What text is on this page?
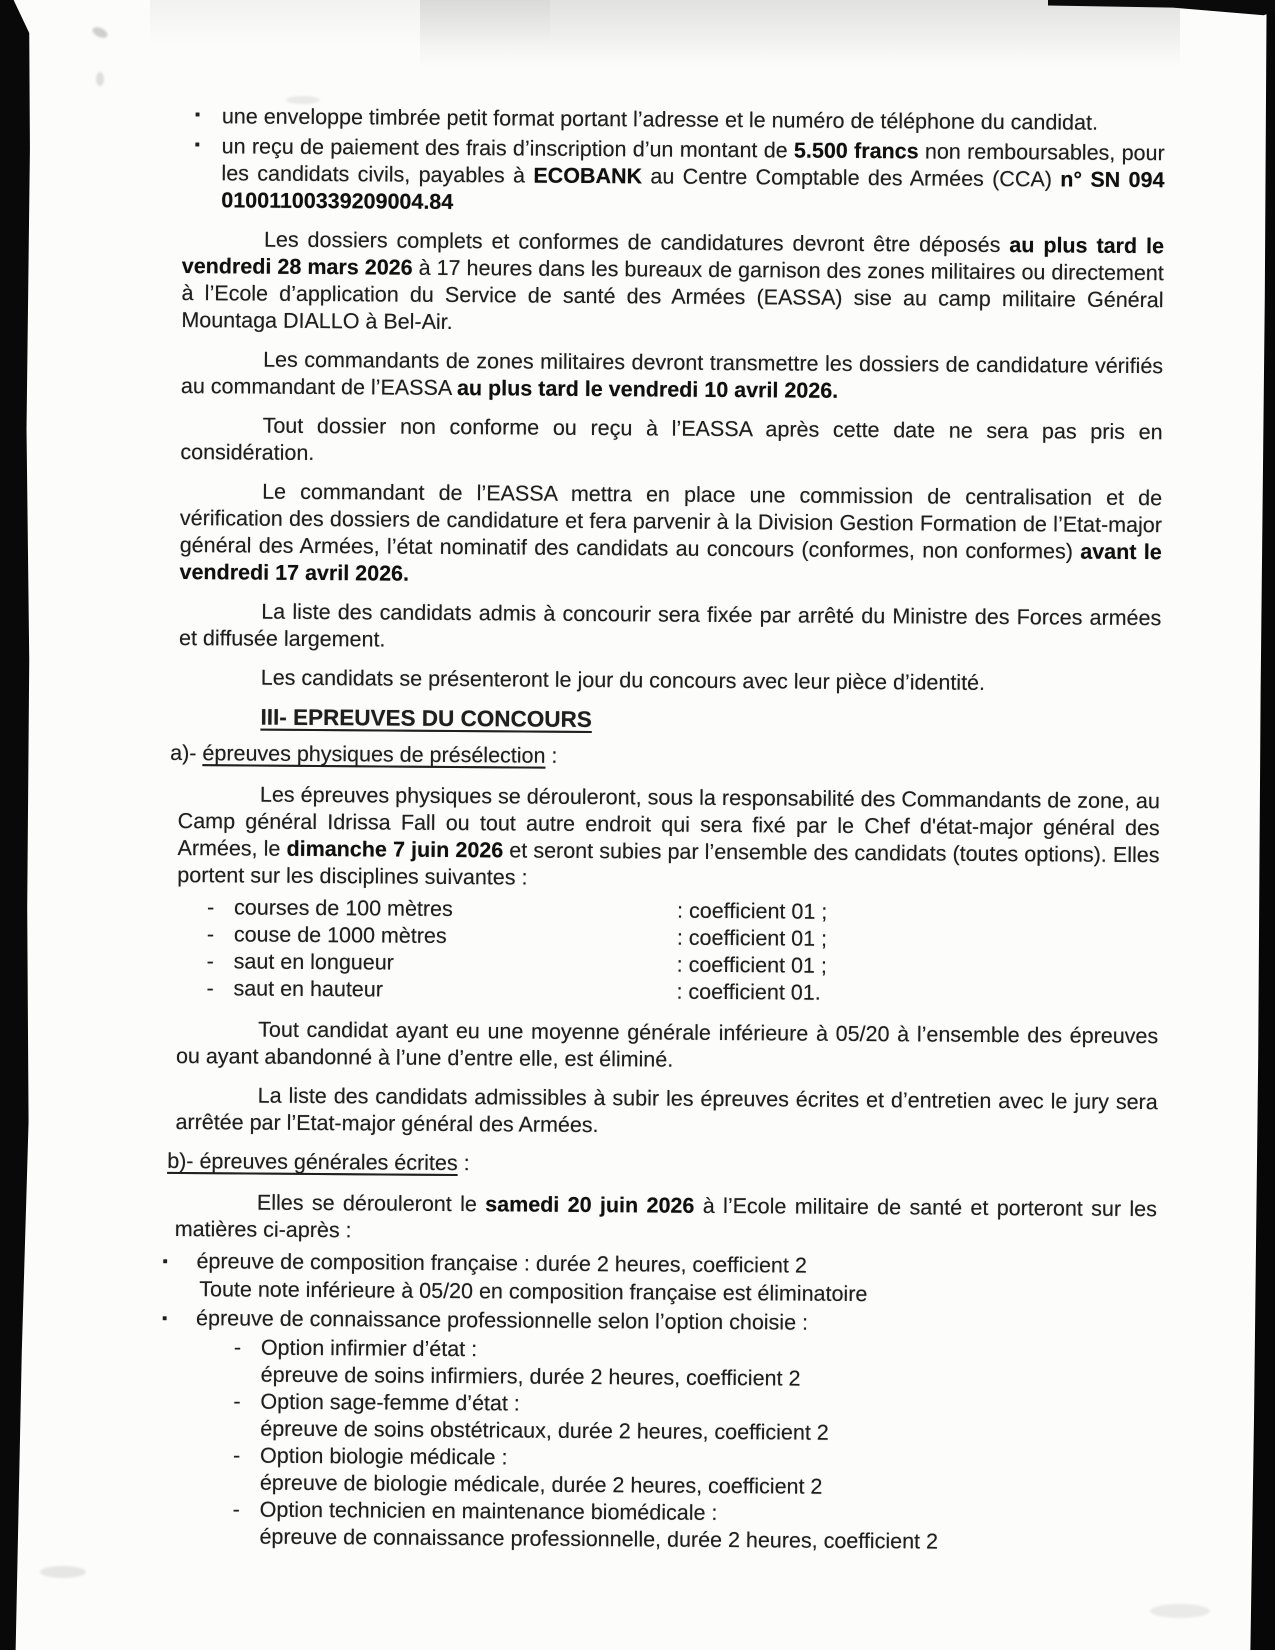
▪ une enveloppe timbrée petit format portant l’adresse et le numéro de téléphone du candidat.
▪ un reçu de paiement des frais d’inscription d’un montant de 5.500 francs non remboursables, pour les candidats civils, payables à ECOBANK au Centre Comptable des Armées (CCA) n° SN 094 01001100339209004.84

Les dossiers complets et conformes de candidatures devront être déposés au plus tard le vendredi 28 mars 2026 à 17 heures dans les bureaux de garnison des zones militaires ou directement à l’Ecole d’application du Service de santé des Armées (EASSA) sise au camp militaire Général Mountaga DIALLO à Bel-Air.

Les commandants de zones militaires devront transmettre les dossiers de candidature vérifiés au commandant de l’EASSA au plus tard le vendredi 10 avril 2026.

Tout dossier non conforme ou reçu à l’EASSA après cette date ne sera pas pris en considération.

Le commandant de l’EASSA mettra en place une commission de centralisation et de vérification des dossiers de candidature et fera parvenir à la Division Gestion Formation de l’Etat-major général des Armées, l’état nominatif des candidats au concours (conformes, non conformes) avant le vendredi 17 avril 2026.

La liste des candidats admis à concourir sera fixée par arrêté du Ministre des Forces armées et diffusée largement.

Les candidats se présenteront le jour du concours avec leur pièce d’identité.

III- EPREUVES DU CONCOURS

a)- épreuves physiques de présélection :

Les épreuves physiques se dérouleront, sous la responsabilité des Commandants de zone, au Camp général Idrissa Fall ou tout autre endroit qui sera fixé par le Chef d'état-major général des Armées, le dimanche 7 juin 2026 et seront subies par l’ensemble des candidats (toutes options). Elles portent sur les disciplines suivantes :

- courses de 100 mètres	: coefficient 01 ;
- couse de 1000 mètres	: coefficient 01 ;
- saut en longueur	: coefficient 01 ;
- saut en hauteur	: coefficient 01.

Tout candidat ayant eu une moyenne générale inférieure à 05/20 à l’ensemble des épreuves ou ayant abandonné à l’une d’entre elle, est éliminé.

La liste des candidats admissibles à subir les épreuves écrites et d’entretien avec le jury sera arrêtée par l’Etat-major général des Armées.

b)- épreuves générales écrites :

Elles se dérouleront le samedi 20 juin 2026 à l’Ecole militaire de santé et porteront sur les matières ci-après :

▪ épreuve de composition française : durée 2 heures, coefficient 2
Toute note inférieure à 05/20 en composition française est éliminatoire
▪ épreuve de connaissance professionnelle selon l’option choisie :
- Option infirmier d’état :
épreuve de soins infirmiers, durée 2 heures, coefficient 2
- Option sage-femme d’état :
épreuve de soins obstétricaux, durée 2 heures, coefficient 2
- Option biologie médicale :
épreuve de biologie médicale, durée 2 heures, coefficient 2
- Option technicien en maintenance biomédicale :
épreuve de connaissance professionnelle, durée 2 heures, coefficient 2
